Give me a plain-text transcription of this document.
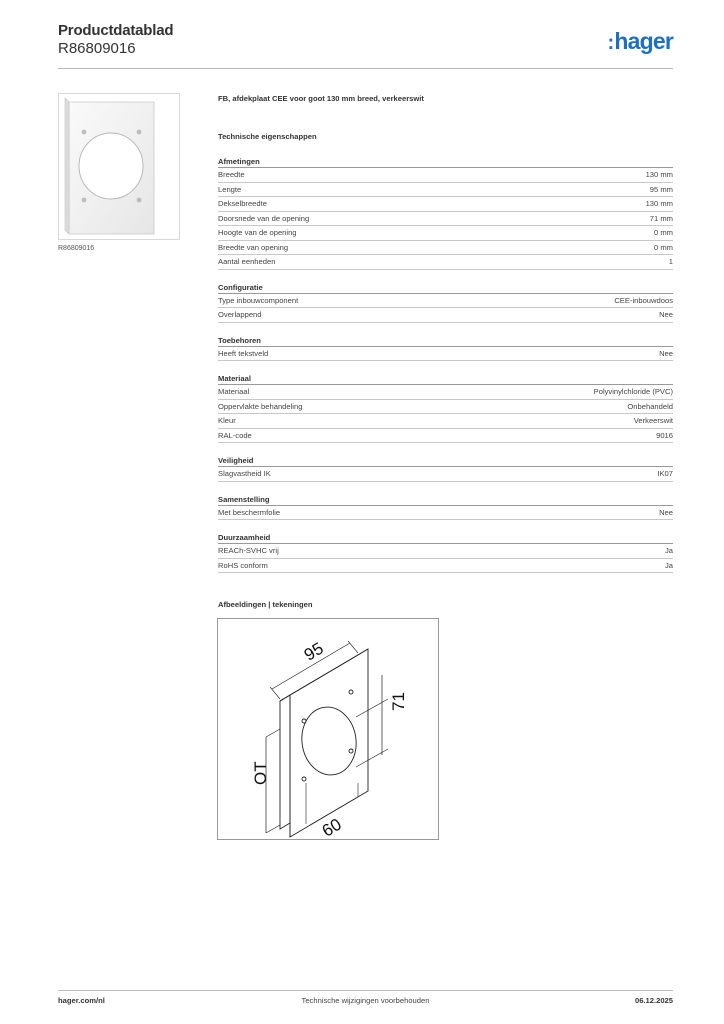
Productdatablad
R86809016	:hager
R86809016
FB, afdekplaat CEE voor goot 130 mm breed, verkeerswit
Technische eigenschappen
Afmetingen
Breedte	130 mm
Lengte	95 mm
Dekselbreedte	130 mm
Doorsnede van de opening	71 mm
Hoogte van de opening	0 mm
Breedte van opening	0 mm
Aantal eenheden	1
Configuratie
Type inbouwcomponent	CEE-inbouwdoos
Overlappend	Nee
Toebehoren
Heeft tekstveld	Nee
Materiaal
Materiaal	Polyvinylchloride (PVC)
Oppervlakte behandeling	Onbehandeld
Kleur	Verkeerswit
RAL-code	9016
Veiligheid
Slagvastheid IK	IK07
Samenstelling
Met beschermfolie	Nee
Duurzaamheid
REACh-SVHC vrij	Ja
RoHS conform	Ja
Afbeeldingen | tekeningen
95
71
OT
60
hager.com/nl	Technische wijzigingen voorbehouden	06.12.2025
